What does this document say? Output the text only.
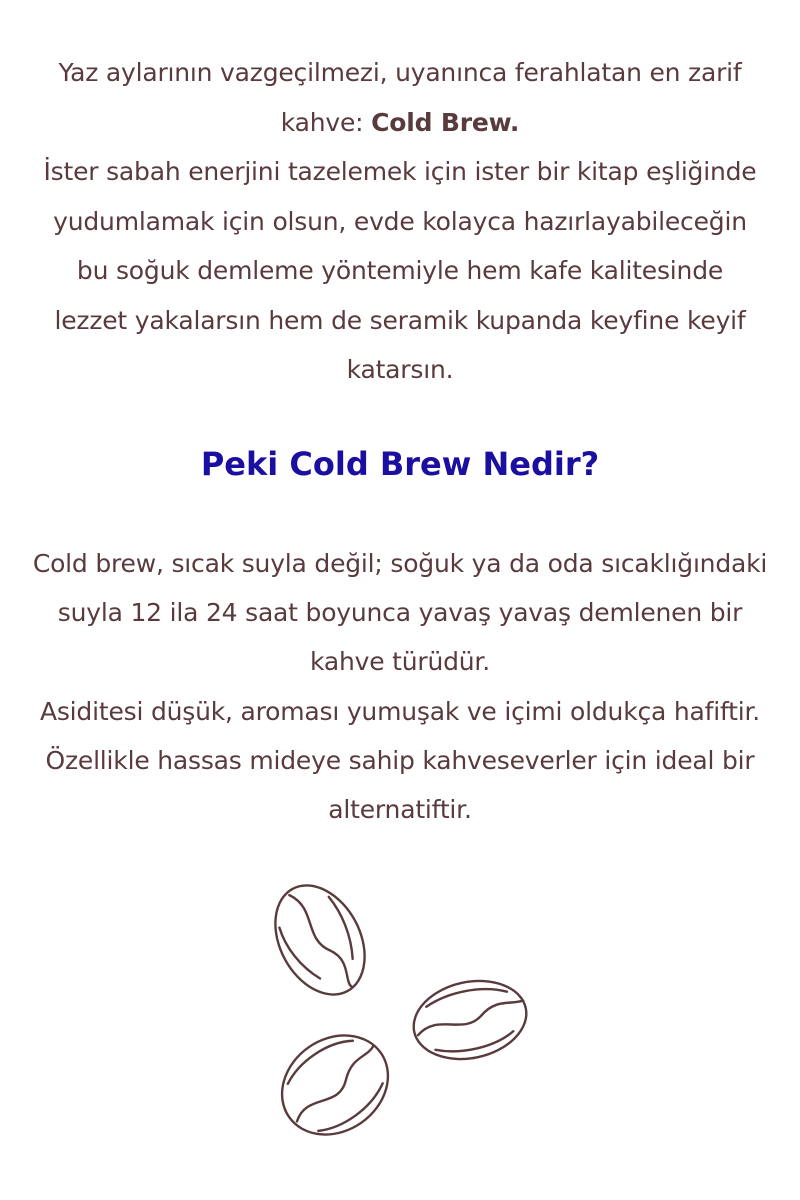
Yaz aylarının vazgeçilmezi, uyanınca ferahlatan en zarif kahve: Cold Brew.

İster sabah enerjini tazelemek için ister bir kitap eşliğinde yudumlamak için olsun, evde kolayca hazırlayabileceğin bu soğuk demleme yöntemiyle hem kafe kalitesinde lezzet yakalarsın hem de seramik kupanda keyfine keyif katarsın.

Peki Cold Brew Nedir?

Cold brew, sıcak suyla değil; soğuk ya da oda sıcaklığındaki suyla 12 ila 24 saat boyunca yavaş yavaş demlenen bir kahve türüdür.

Asiditesi düşük, aroması yumuşak ve içimi oldukça hafiftir. Özellikle hassas mideye sahip kahveseverler için ideal bir alternatiftir.
